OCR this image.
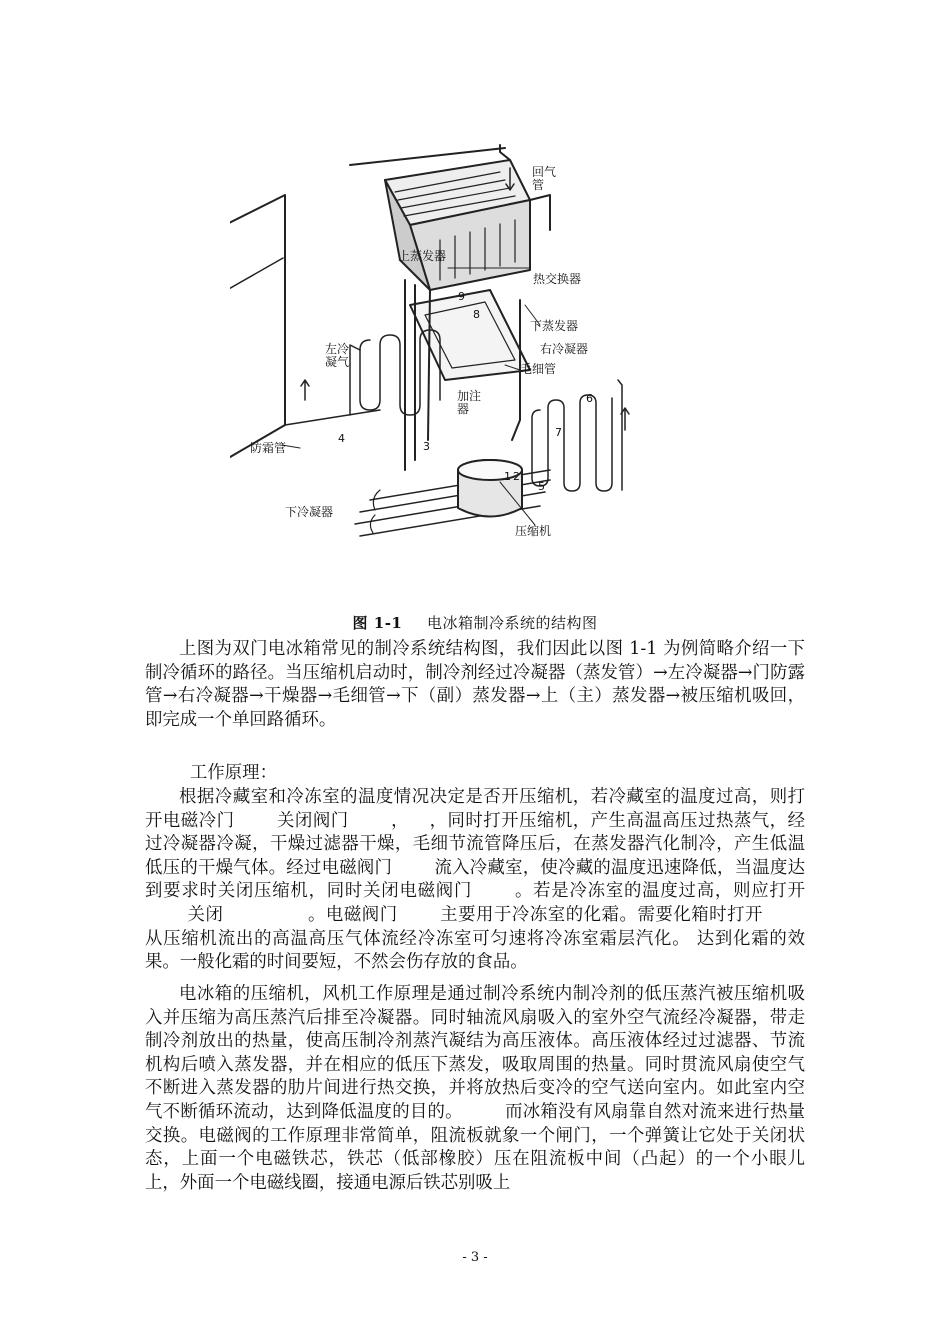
回气
管
上蒸发器
热交换器
下蒸发器
右冷凝器
毛细管
左冷
凝气
加注
器
防霜管
下冷凝器
压缩机
1 2
3
4
5
6
7
8
9
图 1-1 电冰箱制冷系统的结构图
上图为双门电冰箱常见的制冷系统结构图，我们因此以图 1-1 为例简略介绍一下制冷循环的路径。当压缩机启动时，制冷剂经过冷凝器（蒸发管）→左冷凝器→门防露管→右冷凝器→干燥器→毛细管→下（副）蒸发器→上（主）蒸发器→被压缩机吸回，即完成一个单回路循环。
工作原理：
根据冷藏室和冷冻室的温度情况决定是否开压缩机，若冷藏室的温度过高，则打开电磁冷门 关闭阀门 ， ，同时打开压缩机，产生高温高压过热蒸气，经过冷凝器冷凝，干燥过滤器干燥，毛细节流管降压后，在蒸发器汽化制冷，产生低温低压的干燥气体。经过电磁阀门 流入冷藏室，使冷藏的温度迅速降低，当温度达到要求时关闭压缩机，同时关闭电磁阀门 。若是冷冻室的温度过高，则应打开关闭	。电磁阀门 主要用于冷冻室的化霜。需要化箱时打开从压缩机流出的高温高压气体流经冷冻室可匀速将冷冻室霜层汽化。 达到化霜的效果。一般化霜的时间要短，不然会伤存放的食品。
电冰箱的压缩机，风机工作原理是通过制冷系统内制冷剂的低压蒸汽被压缩机吸入并压缩为高压蒸汽后排至冷凝器。同时轴流风扇吸入的室外空气流经冷凝器，带走制冷剂放出的热量，使高压制冷剂蒸汽凝结为高压液体。高压液体经过过滤器、节流机构后喷入蒸发器，并在相应的低压下蒸发，吸取周围的热量。同时贯流风扇使空气不断进入蒸发器的肋片间进行热交换，并将放热后变冷的空气送向室内。如此室内空气不断循环流动，达到降低温度的目的。 而冰箱没有风扇靠自然对流来进行热量交换。电磁阀的工作原理非常简单，阻流板就象一个闸门，一个弹簧让它处于关闭状态，上面一个电磁铁芯，铁芯（低部橡胶）压在阻流板中间（凸起）的一个小眼儿上，外面一个电磁线圈，接通电源后铁芯别吸上
- 3 -
